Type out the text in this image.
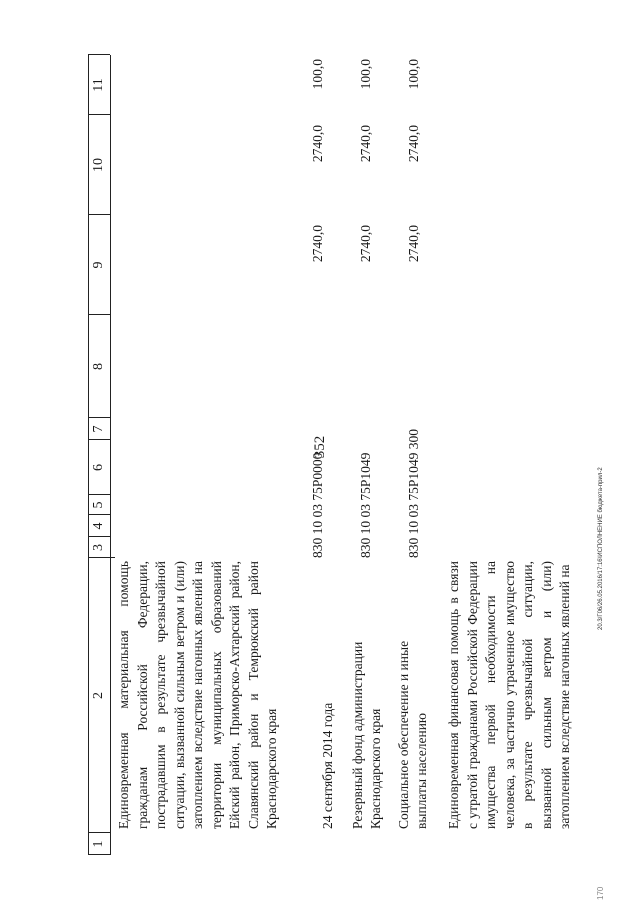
352
1
2
3
4
5
6
7
8
9
10
11
Единовременная материальная помощь гражданам Российской Федерации, пострадавшим в результате чрезвычайной ситуации, вызванной сильным ветром и (или) затоплением вследствие нагонных явлений на территории муниципальных образований Ейский район, Приморско-Ахтарский район, Славянский район и Темрюкский район Краснодарского края	24 сентября 2014 года
830 10 03 75P0000
2740,0
2740,0
100,0
Резервный фонд администрации Краснодарского края
830 10 03 75P1049
2740,0
2740,0
100,0
Социальное обеспечение и иные выплаты населению
830 10 03 75P1049 300
2740,0
2740,0
100,0
Единовременная финансовая помощь в связи с утратой гражданами Российской Федерации имущества первой необходимости на человека, за частично утраченное имущество в результате чрезвычайной ситуации, вызванной сильным ветром и (или) затоплением вследствие нагонных явлений на
20.3/Г06/26.05.2016/17:16\ИСПОЛНЕНИЕ бюджета-прил-2
170
